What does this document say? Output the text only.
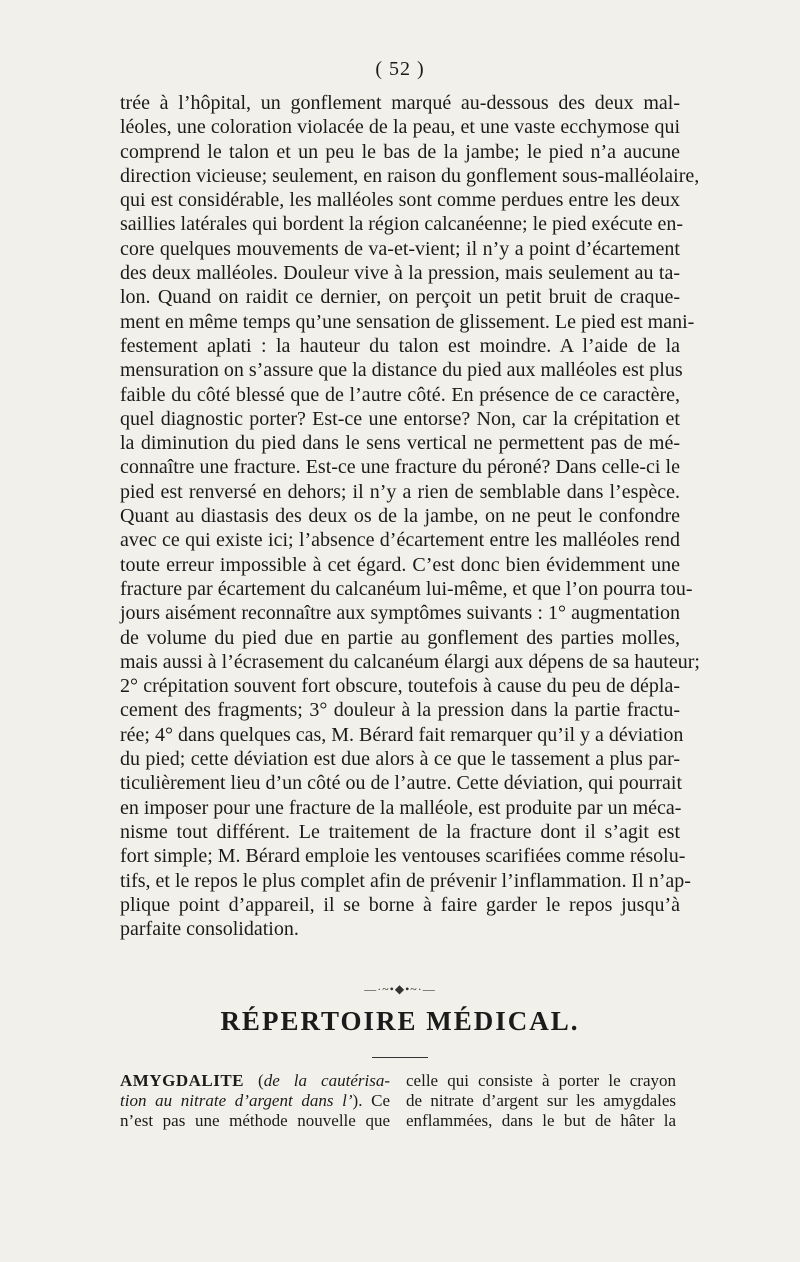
( 52 )
trée à l’hôpital, un gonflement marqué au-dessous des deux mal-
léoles, une coloration violacée de la peau, et une vaste ecchymose qui
comprend le talon et un peu le bas de la jambe; le pied n’a aucune
direction vicieuse; seulement, en raison du gonflement sous-malléolaire,
qui est considérable, les malléoles sont comme perdues entre les deux
saillies latérales qui bordent la région calcanéenne; le pied exécute en-
core quelques mouvements de va-et-vient; il n’y a point d’écartement
des deux malléoles. Douleur vive à la pression, mais seulement au ta-
lon. Quand on raidit ce dernier, on perçoit un petit bruit de craque-
ment en même temps qu’une sensation de glissement. Le pied est mani-
festement aplati : la hauteur du talon est moindre. A l’aide de la
mensuration on s’assure que la distance du pied aux malléoles est plus
faible du côté blessé que de l’autre côté. En présence de ce caractère,
quel diagnostic porter? Est-ce une entorse? Non, car la crépitation et
la diminution du pied dans le sens vertical ne permettent pas de mé-
connaître une fracture. Est-ce une fracture du péroné? Dans celle-ci le
pied est renversé en dehors; il n’y a rien de semblable dans l’espèce.
Quant au diastasis des deux os de la jambe, on ne peut le confondre
avec ce qui existe ici; l’absence d’écartement entre les malléoles rend
toute erreur impossible à cet égard. C’est donc bien évidemment une
fracture par écartement du calcanéum lui-même, et que l’on pourra tou-
jours aisément reconnaître aux symptômes suivants : 1° augmentation
de volume du pied due en partie au gonflement des parties molles,
mais aussi à l’écrasement du calcanéum élargi aux dépens de sa hauteur;
2° crépitation souvent fort obscure, toutefois à cause du peu de dépla-
cement des fragments; 3° douleur à la pression dans la partie fractu-
rée; 4° dans quelques cas, M. Bérard fait remarquer qu’il y a déviation
du pied; cette déviation est due alors à ce que le tassement a plus par-
ticulièrement lieu d’un côté ou de l’autre. Cette déviation, qui pourrait
en imposer pour une fracture de la malléole, est produite par un méca-
nisme tout différent. Le traitement de la fracture dont il s’agit est
fort simple; M. Bérard emploie les ventouses scarifiées comme résolu-
tifs, et le repos le plus complet afin de prévenir l’inflammation. Il n’ap-
plique point d’appareil, il se borne à faire garder le repos jusqu’à
parfaite consolidation.
—·~•◆•~·—
RÉPERTOIRE MÉDICAL.
AMYGDALITE (de la cautérisa-
tion au nitrate d’argent dans l’). Ce
n’est pas une méthode nouvelle que
celle qui consiste à porter le crayon
de nitrate d’argent sur les amygdales
enflammées, dans le but de hâter la
